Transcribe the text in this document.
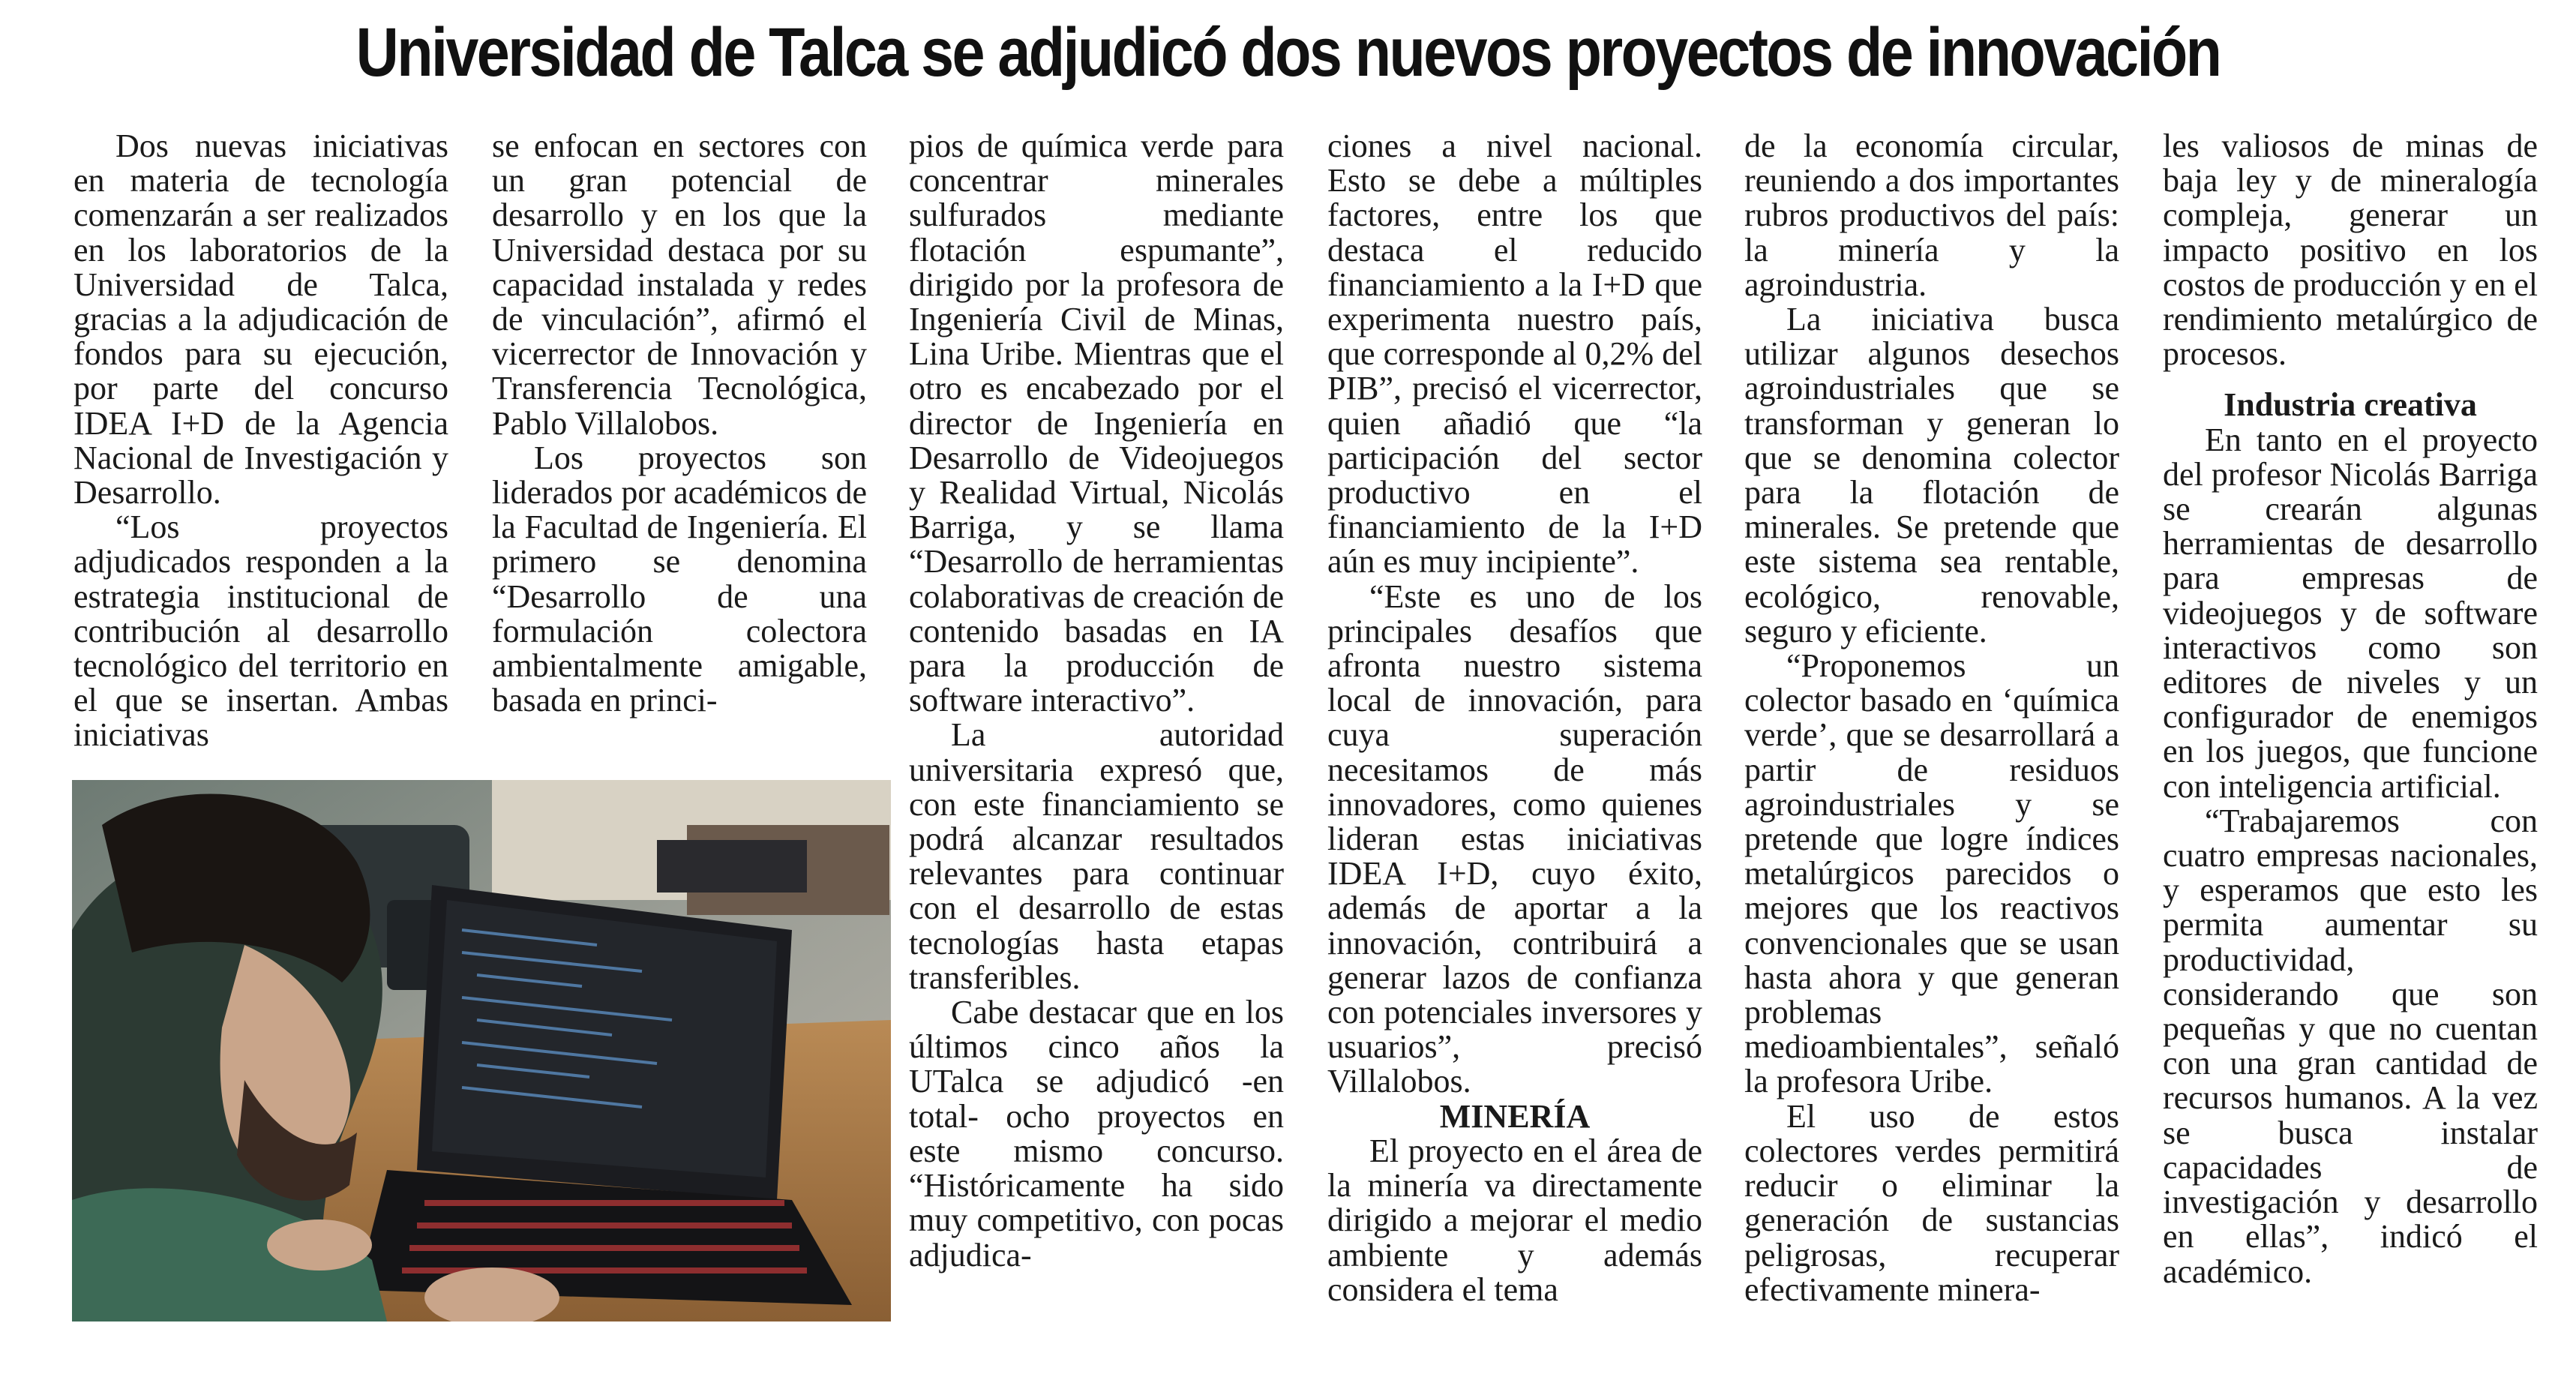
Universidad de Talca se adjudicó dos nuevos proyectos de innovación

Dos nuevas iniciativas en materia de tecnología comenzarán a ser realizados en los laboratorios de la Universidad de Talca, gracias a la adjudicación de fondos para su ejecución, por parte del concurso IDEA I+D de la Agencia Nacional de Investigación y Desarrollo.

“Los proyectos adjudicados responden a la estrategia institucional de contribución al desarrollo tecnológico del territorio en el que se insertan. Ambas iniciativas

se enfocan en sectores con un gran potencial de desarrollo y en los que la Universidad destaca por su capacidad instalada y redes de vinculación”, afirmó el vicerrector de Innovación y Transferencia Tecnológica, Pablo Villalobos.

Los proyectos son liderados por académicos de la Facultad de Ingeniería. El primero se denomina “Desarrollo de una formulación colectora ambientalmente amigable, basada en princi-

pios de química verde para concentrar minerales sulfurados mediante flotación espumante”, dirigido por la profesora de Ingeniería Civil de Minas, Lina Uribe. Mientras que el otro es encabezado por el director de Ingeniería en Desarrollo de Videojuegos y Realidad Virtual, Nicolás Barriga, y se llama “Desarrollo de herramientas colaborativas de creación de contenido basadas en IA para la producción de software interactivo”.

La autoridad universitaria expresó que, con este financiamiento se podrá alcanzar resultados relevantes para continuar con el desarrollo de estas tecnologías hasta etapas transferibles.

Cabe destacar que en los últimos cinco años la UTalca se adjudicó -en total- ocho proyectos en este mismo concurso. “Históricamente ha sido muy competitivo, con pocas adjudica-

ciones a nivel nacional. Esto se debe a múltiples factores, entre los que destaca el reducido financiamiento a la I+D que experimenta nuestro país, que corresponde al 0,2% del PIB”, precisó el vicerrector, quien añadió que “la participación del sector productivo en el financiamiento de la I+D aún es muy incipiente”.

“Este es uno de los principales desafíos que afronta nuestro sistema local de innovación, para cuya superación necesitamos de más innovadores, como quienes lideran estas iniciativas IDEA I+D, cuyo éxito, además de aportar a la innovación, contribuirá a generar lazos de confianza con potenciales inversores y usuarios”, precisó Villalobos.

MINERÍA

El proyecto en el área de la minería va directamente dirigido a mejorar el medio ambiente y además considera el tema

de la economía circular, reuniendo a dos importantes rubros productivos del país: la minería y la agroindustria.

La iniciativa busca utilizar algunos desechos agroindustriales que se transforman y generan lo que se denomina colector para la flotación de minerales. Se pretende que este sistema sea rentable, ecológico, renovable, seguro y eficiente.

“Proponemos un colector basado en ‘química verde’, que se desarrollará a partir de residuos agroindustriales y se pretende que logre índices metalúrgicos parecidos o mejores que los reactivos convencionales que se usan hasta ahora y que generan problemas medioambientales”, señaló la profesora Uribe.

El uso de estos colectores verdes permitirá reducir o eliminar la generación de sustancias peligrosas, recuperar efectivamente minera-

les valiosos de minas de baja ley y de mineralogía compleja, generar un impacto positivo en los costos de producción y en el rendimiento metalúrgico de procesos.

Industria creativa

En tanto en el proyecto del profesor Nicolás Barriga se crearán algunas herramientas de desarrollo para empresas de videojuegos y de software interactivos como son editores de niveles y un configurador de enemigos en los juegos, que funcione con inteligencia artificial.

“Trabajaremos con cuatro empresas nacionales, y esperamos que esto les permita aumentar su productividad, considerando que son pequeñas y que no cuentan con una gran cantidad de recursos humanos. A la vez se busca instalar capacidades de investigación y desarrollo en ellas”, indicó el académico.
